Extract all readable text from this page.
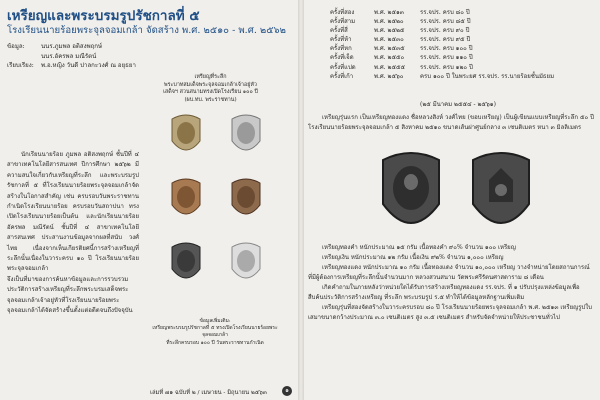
เหรียญและพระบรมรูปรัชกาลที่ ๕
โรงเรียนนายร้อยพระจุลจอมเกล้า จัดสร้าง พ.ศ. ๒๕๑๐ - พ.ศ. ๒๕๖๒
ข้อมูล:	นนร.ภูมพล อติสงพฤกษ์
นนร.อัครพล มณีรัตน์
เรียบเรียง:	พ.อ.หญิง วันดี ปาลกะวงศ์ ณ อยุธยา
นักเรียนนายร้อย ภูมพล อติสงพฤกษ์ ชั้นปีที่ ๔ สาขาเทคโนโลยีสารสนเทศ ปีการศึกษา ๒๕๖๒ มีความสนใจเกี่ยวกับเหรียญที่ระลึก และพระบรมรูปรัชกาลที่ ๕ ที่โรงเรียนนายร้อยพระจุลจอมเกล้าจัดสร้างในโอกาสสำคัญ เช่น ครบรอบวันพระราชทานกำเนิดโรงเรียนนายร้อย ครบรอบวันสถาปนา ทรงเปิดโรงเรียนนายร้อยเป็นต้น และนักเรียนนายร้อย อัครพล มณีรัตน์ ชั้นปีที่ ๔ สาขาเทคโนโลยีสารสนเทศ ประสานงานข้อมูลจากผลที่สนับ วงศ์ไทย เนื่องจากเห็นเกียรติยศนี้การสร้างเหรียญที่ระลึกนั้นเนื่องในวาระครบ ๑๐ ปี โรงเรียนนายร้อยพระจุลจอมเกล้า
จึงเป็นที่มาของการค้นหาข้อมูลและการรวบรวมประวัติการสร้างเหรียญที่ระลึกพระบรมเสด็จพระจุลจอมเกล้าเจ้าอยู่หัวที่โรงเรียนนายร้อยพระจุลจอมเกล้าได้จัดสร้างขึ้นตั้งแต่อดีตจนถึงปัจจุบัน
เหรียญที่ระลึก
พระบาทสมเด็จพระจุลจอมเกล้าเจ้าอยู่หัว
เสด็จฯ สวนสนามทรงเปิดโรงเรียน ๑๐๐ ปี
(ผบ.ทบ. พระราชทาน)
ข้อมูลเพิ่มเติม:
เหรียญพระบรมรูปรัชกาลที่ ๕ ทรงเปิดโรงเรียนนายร้อยพระจุลจอมเกล้า
ที่ระลึกครบรอบ ๑๐๐ ปี วันพระราชทานกำเนิด
เล่มที่ ๗๑ ฉบับที่ ๒ / เมษายน - มิถุนายน ๒๕๖๓	๑
ครั้งที่สอง	พ.ศ. ๒๕๑๓	รร.จปร. ครบ ๘๐ ปี
ครั้งที่สาม	พ.ศ. ๒๕๒๐	รร.จปร. ครบ ๘๕ ปี
ครั้งที่สี่	พ.ศ. ๒๕๒๕	รร.จปร. ครบ ๙๐ ปี
ครั้งที่ห้า	พ.ศ. ๒๕๓๐	รร.จปร. ครบ ๙๕ ปี
ครั้งที่หก	พ.ศ. ๒๕๓๕	รร.จปร. ครบ ๑๐๐ ปี
ครั้งที่เจ็ด	พ.ศ. ๒๕๕๐	รร.จปร. ครบ ๑๑๐ ปี
ครั้งที่แปด	พ.ศ. ๒๕๕๕	รร.จปร. ครบ ๑๒๐ ปี
ครั้งที่เก้า	พ.ศ. ๒๕๖๐	ครบ ๑๐๐ ปี ในพระยศ รร.จปร. รร.นายร้อยชั้นมัธยม
(๒๕ มีนาคม ๒๕๕๔ - ๒๕๖๑)
เหรียญรุ่นแรก เป็นเหรียญทองแดง ชื่อหลวงสิงห์ วงศ์ไทย (ขอบเหรียญ) เป็นผู้เขียนแบบเหรียญที่ระลึก ๕๐ ปี โรงเรียนนายร้อยพระจุลจอมเกล้า ๕ สิงหาคม ๒๕๑๐ ขนาดเส้นผ่าศูนย์กลาง ๓ เซนติเมตร หนา ๓ มิลลิเมตร

เหรียญทองคำ หนักประมาณ ๑๕ กรัม เนื้อทองคำ ๙๐% จำนวน ๑๐๐ เหรียญ

เหรียญเงิน หนักประมาณ ๑๒ กรัม เนื้อเงิน ๙๒% จำนวน ๑,๐๐๐ เหรียญ

เหรียญทองแดง หนักประมาณ ๑๐ กรัม เนื้อทองแดง จำนวน ๑๐,๐๐๐ เหรียญ วางจำหน่ายโดยสถานการณ์ที่มีผู้ต้องการเหรียญที่ระลึกนั้นจำนวนมาก หลวงสวนสนาม วัดพระศรีรัตนศาสดาราม ๘ เดือน

เกิดคำถามในภายหลังว่าหน่วยใดได้รับการสร้างเหรียญทองแดง รร.จปร. ที่ ๑ ปรับปรุงแหล่งข้อมูลเพื่อสืบค้นประวัติการสร้างเหรียญ ที่ระลึก พระบรมรูป ร.๕ ทำให้ได้ข้อมูลหลักฐานเพิ่มเติม

เหรียญรุ่นที่สองจัดสร้างในวาระครบรอบ ๘๐ ปี โรงเรียนนายร้อยพระจุลจอมเกล้า พ.ศ. ๒๕๑๓ เหรียญรูปใบเสมาขนาดกว้างประมาณ ๓.๐ เซนติเมตร สูง ๓.๕ เซนติเมตร สำหรับจัดจำหน่ายให้ประชาชนทั่วไป
